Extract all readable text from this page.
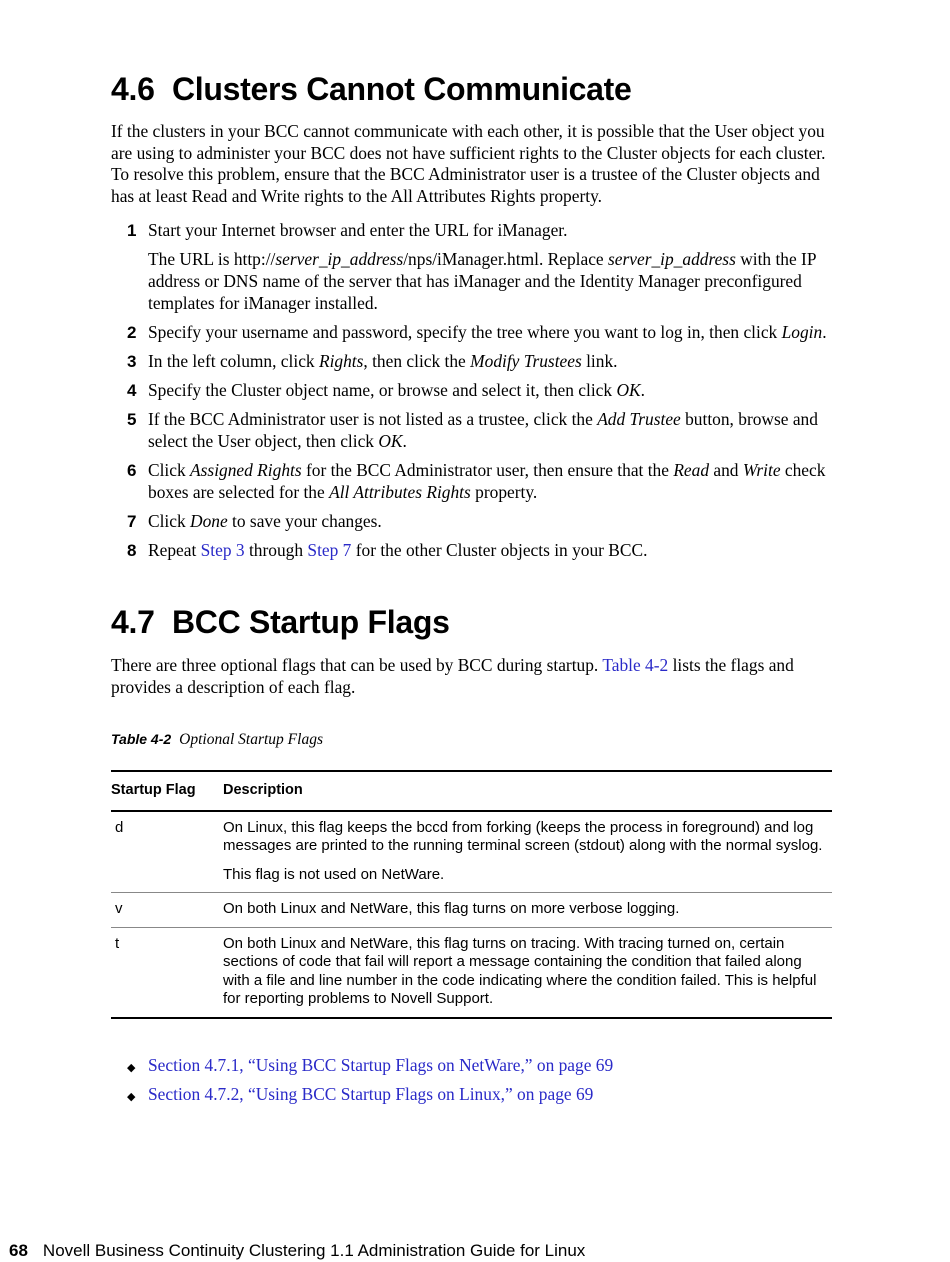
4.6 Clusters Cannot Communicate

If the clusters in your BCC cannot communicate with each other, it is possible that the User object you are using to administer your BCC does not have sufficient rights to the Cluster objects for each cluster. To resolve this problem, ensure that the BCC Administrator user is a trustee of the Cluster objects and has at least Read and Write rights to the All Attributes Rights property.

1 Start your Internet browser and enter the URL for iManager.
The URL is http://server_ip_address/nps/iManager.html. Replace server_ip_address with the IP address or DNS name of the server that has iManager and the Identity Manager preconfigured templates for iManager installed.
2 Specify your username and password, specify the tree where you want to log in, then click Login.
3 In the left column, click Rights, then click the Modify Trustees link.
4 Specify the Cluster object name, or browse and select it, then click OK.
5 If the BCC Administrator user is not listed as a trustee, click the Add Trustee button, browse and select the User object, then click OK.
6 Click Assigned Rights for the BCC Administrator user, then ensure that the Read and Write check boxes are selected for the All Attributes Rights property.
7 Click Done to save your changes.
8 Repeat Step 3 through Step 7 for the other Cluster objects in your BCC.
4.7 BCC Startup Flags

There are three optional flags that can be used by BCC during startup. Table 4-2 lists the flags and provides a description of each flag.

Table 4-2 Optional Startup Flags
Startup Flag	Description
d	On Linux, this flag keeps the bccd from forking (keeps the process in foreground) and log messages are printed to the running terminal screen (stdout) along with the normal syslog.

This flag is not used on NetWare.

v	On both Linux and NetWare, this flag turns on more verbose logging.

t	On both Linux and NetWare, this flag turns on tracing. With tracing turned on, certain sections of code that fail will report a message containing the condition that failed along with a file and line number in the code indicating where the condition failed. This is helpful for reporting problems to Novell Support.

◆ Section 4.7.1, “Using BCC Startup Flags on NetWare,” on page 69
◆ Section 4.7.2, “Using BCC Startup Flags on Linux,” on page 69
68 Novell Business Continuity Clustering 1.1 Administration Guide for Linux
